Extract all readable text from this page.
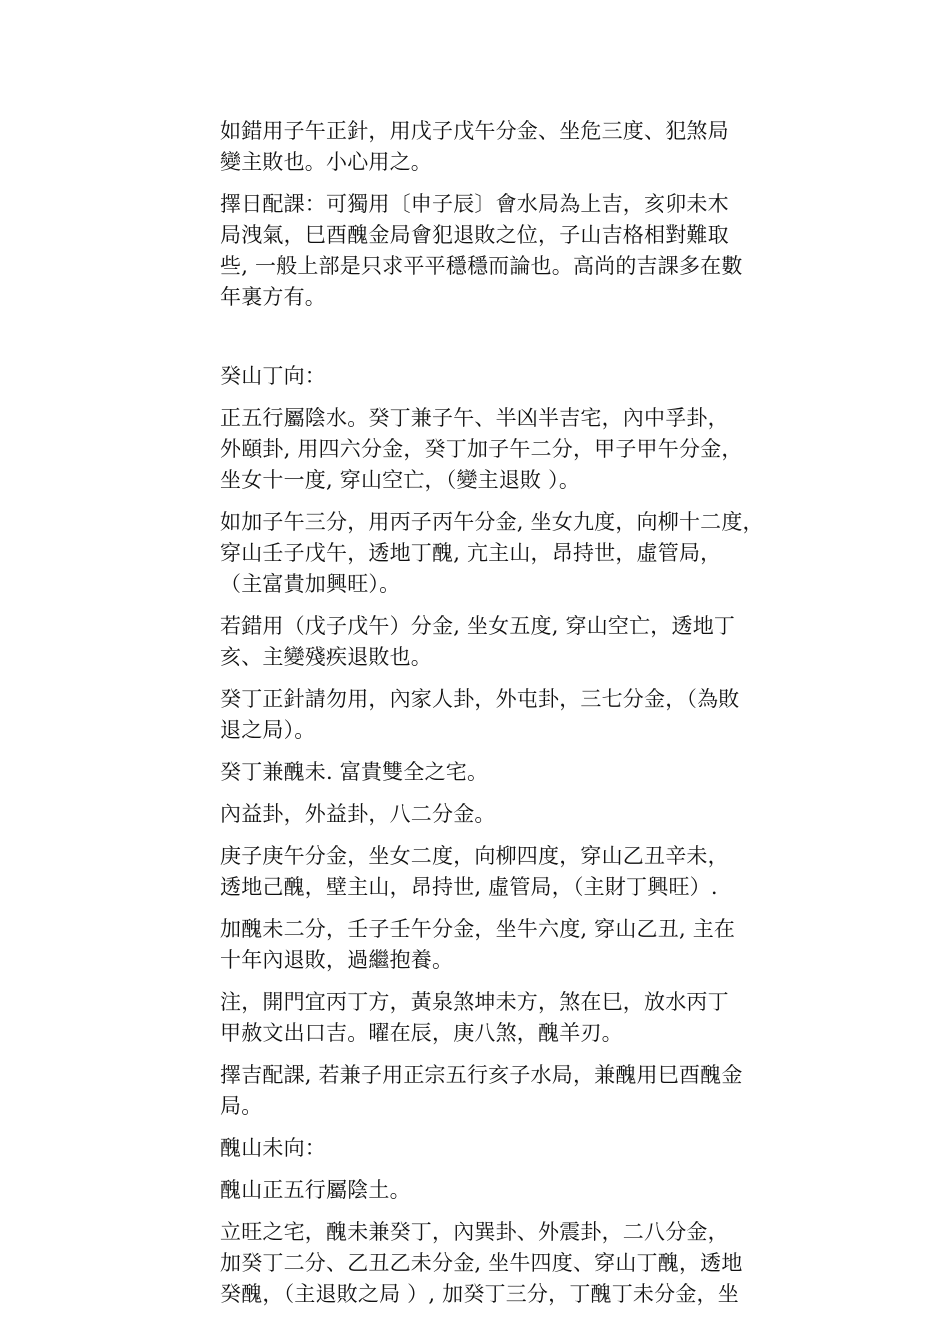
如錯用子午正針，用戊子戊午分金、坐危三度、犯煞局
變主敗也。小心用之。
擇日配課：可獨用〔申子辰〕會水局為上吉，亥卯未木
局洩氣，巳酉醜金局會犯退敗之位，子山吉格相對難取
些, 一般上部是只求平平穩穩而論也。高尚的吉課多在數
年裏方有。
癸山丁向：
正五行屬陰水。癸丁兼子午、半凶半吉宅，內中孚卦，
外頤卦, 用四六分金，癸丁加子午二分，甲子甲午分金，
坐女十一度, 穿山空亡，（變主退敗 ）。
如加子午三分，用丙子丙午分金, 坐女九度，向柳十二度，
穿山壬子戊午，透地丁醜, 亢主山，昂持世，虛管局，
（主富貴加興旺）。
若錯用（戊子戊午）分金, 坐女五度, 穿山空亡，透地丁
亥、主變殘疾退敗也。
癸丁正針請勿用，內家人卦，外屯卦，三七分金，（為敗
退之局）。
癸丁兼醜未. 富貴雙全之宅。
內益卦，外益卦，八二分金。
庚子庚午分金，坐女二度，向柳四度，穿山乙丑辛未，
透地己醜，壁主山，昂持世, 虛管局，（主財丁興旺）.
加醜未二分，壬子壬午分金，坐牛六度, 穿山乙丑, 主在
十年內退敗，過繼抱養。
注，開門宜丙丁方，黃泉煞坤未方，煞在巳，放水丙丁
甲赦文出口吉。曜在辰，庚八煞，醜羊刃。
擇吉配課, 若兼子用正宗五行亥子水局，兼醜用巳酉醜金
局。
醜山未向：
醜山正五行屬陰土。
立旺之宅，醜未兼癸丁，內巽卦、外震卦，二八分金，
加癸丁二分、乙丑乙未分金, 坐牛四度、穿山丁醜，透地
癸醜，（主退敗之局 ）, 加癸丁三分，丁醜丁未分金，坐
